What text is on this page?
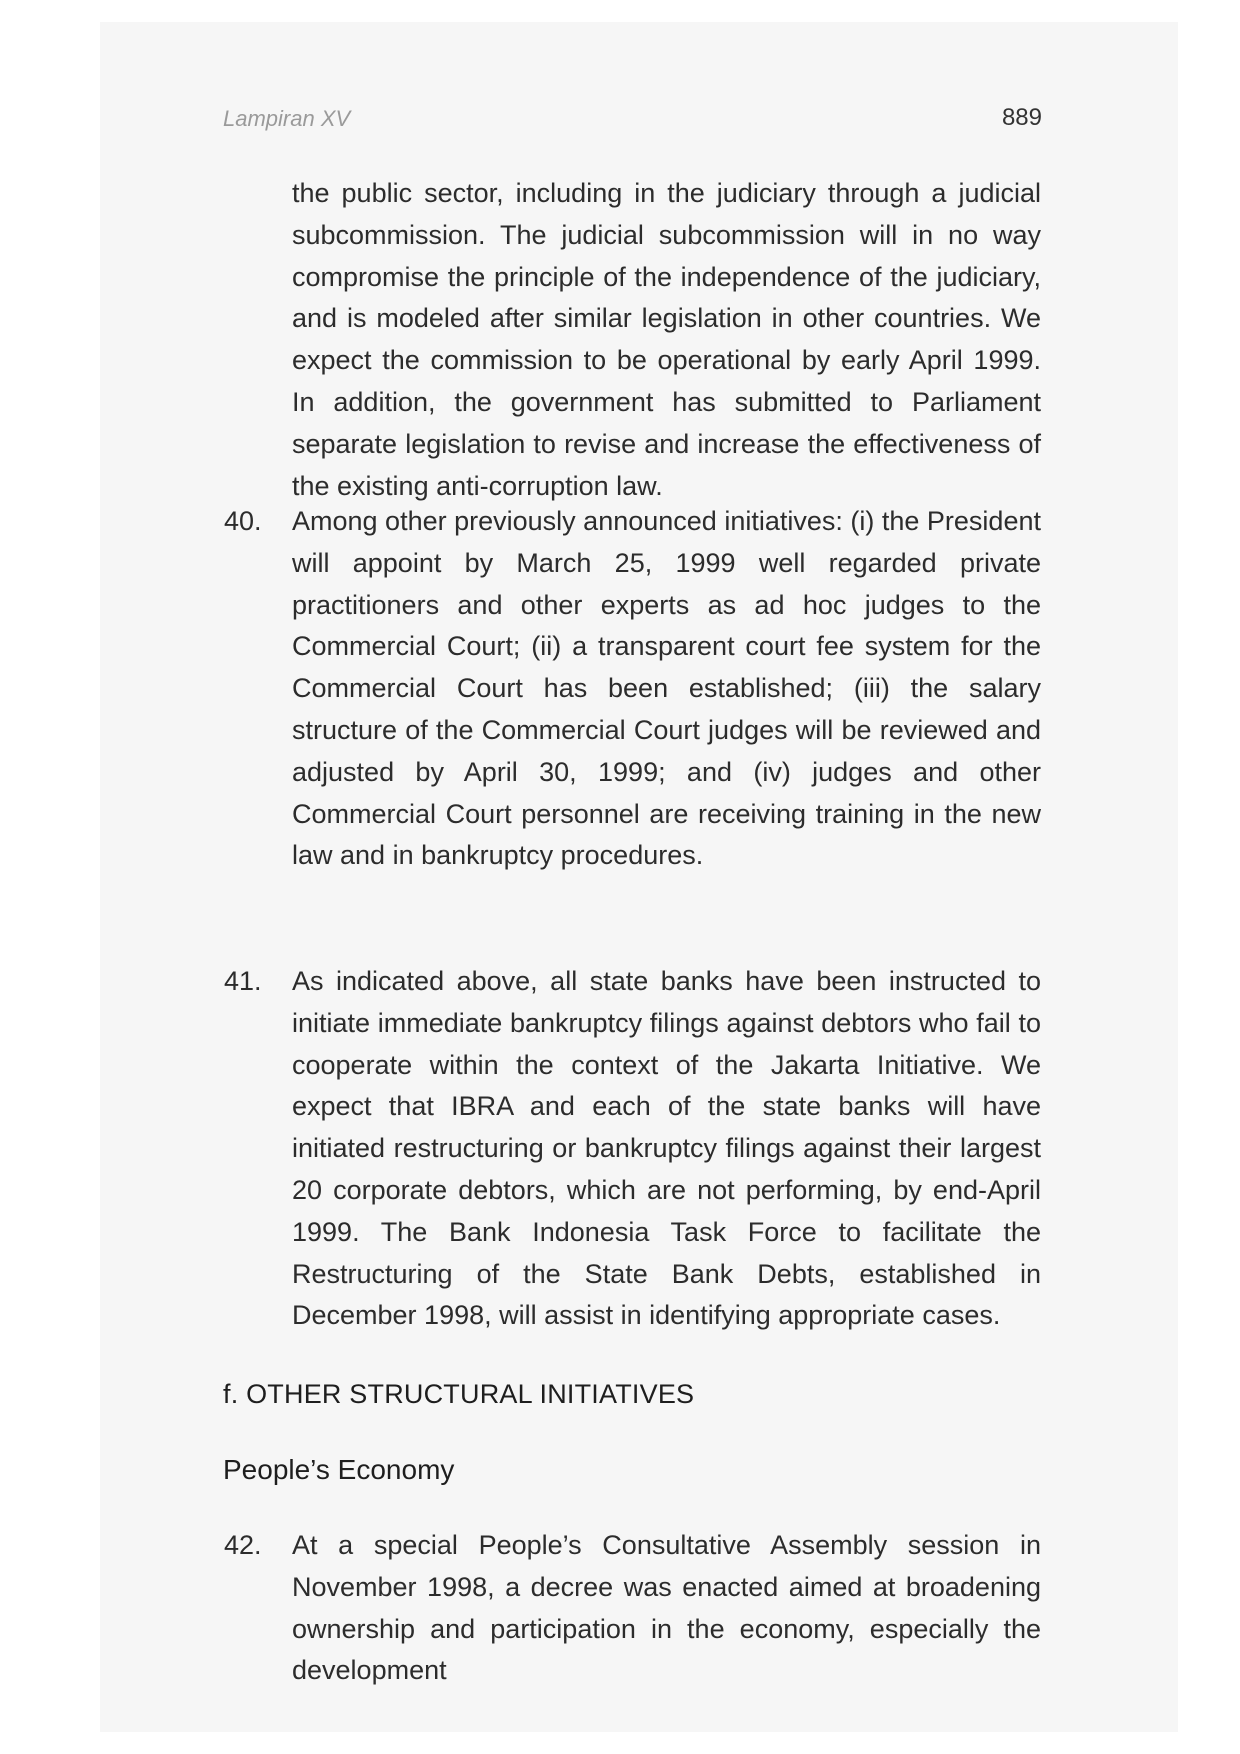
Lampiran XV	889
the public sector, including in the judiciary through a judicial subcommission. The judicial subcommission will in no way compromise the principle of the independence of the judiciary, and is modeled after similar legislation in other countries. We expect the commission to be operational by early April 1999. In addition, the government has submitted to Parliament separate legislation to revise and increase the effectiveness of the existing anti-corruption law.
40. Among other previously announced initiatives: (i) the President will appoint by March 25, 1999 well regarded private practitioners and other experts as ad hoc judges to the Commercial Court; (ii) a transparent court fee system for the Commercial Court has been established; (iii) the salary structure of the Commercial Court judges will be reviewed and adjusted by April 30, 1999; and (iv) judges and other Commercial Court personnel are receiving training in the new law and in bankruptcy procedures.
41. As indicated above, all state banks have been instructed to initiate immediate bankruptcy filings against debtors who fail to cooperate within the context of the Jakarta Initiative. We expect that IBRA and each of the state banks will have initiated restructuring or bankruptcy filings against their largest 20 corporate debtors, which are not performing, by end-April 1999. The Bank Indonesia Task Force to facilitate the Restructuring of the State Bank Debts, established in December 1998, will assist in identifying appropriate cases.
f. OTHER STRUCTURAL INITIATIVES
People’s Economy
42. At a special People’s Consultative Assembly session in November 1998, a decree was enacted aimed at broadening ownership and participation in the economy, especially the development
